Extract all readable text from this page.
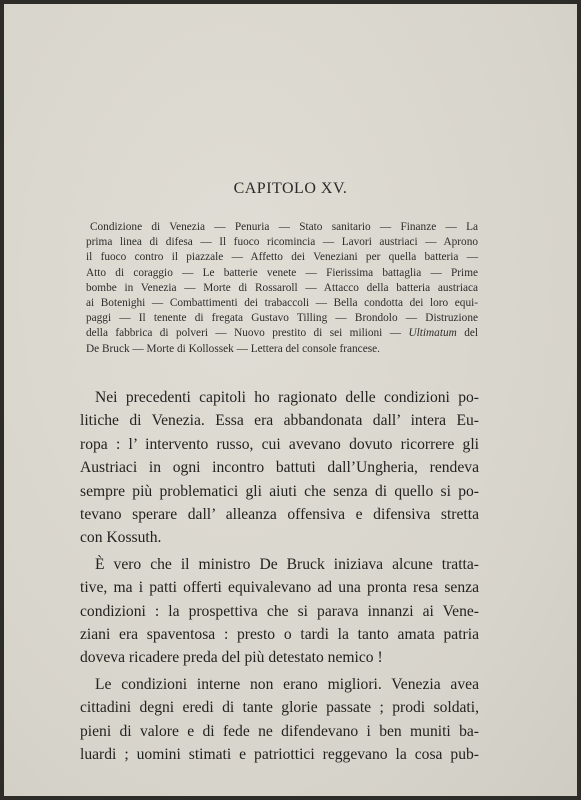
CAPITOLO XV.
Condizione di Venezia — Penuria — Stato sanitario — Finanze — La
prima linea di difesa — Il fuoco ricomincia — Lavori austriaci — Aprono
il fuoco contro il piazzale — Affetto dei Veneziani per quella batteria —
Atto di coraggio — Le batterie venete — Fierissima battaglia — Prime
bombe in Venezia — Morte di Rossaroll — Attacco della batteria austriaca
ai Botenighi — Combattimenti dei trabaccoli — Bella condotta dei loro equi-
paggi — Il tenente di fregata Gustavo Tilling — Brondolo — Distruzione
della fabbrica di polveri — Nuovo prestito di sei milioni — Ultimatum del
De Bruck — Morte di Kollossek — Lettera del console francese.
Nei precedenti capitoli ho ragionato delle condizioni po-
litiche di Venezia. Essa era abbandonata dall’ intera Eu-
ropa : l’ intervento russo, cui avevano dovuto ricorrere gli
Austriaci in ogni incontro battuti dall’Ungheria, rendeva
sempre più problematici gli aiuti che senza di quello si po-
tevano sperare dall’ alleanza offensiva e difensiva stretta
con Kossuth.
È vero che il ministro De Bruck iniziava alcune tratta-
tive, ma i patti offerti equivalevano ad una pronta resa senza
condizioni : la prospettiva che si parava innanzi ai Vene-
ziani era spaventosa : presto o tardi la tanto amata patria
doveva ricadere preda del più detestato nemico !
Le condizioni interne non erano migliori. Venezia avea
cittadini degni eredi di tante glorie passate ; prodi soldati,
pieni di valore e di fede ne difendevano i ben muniti ba-
luardi ; uomini stimati e patriottici reggevano la cosa pub-
